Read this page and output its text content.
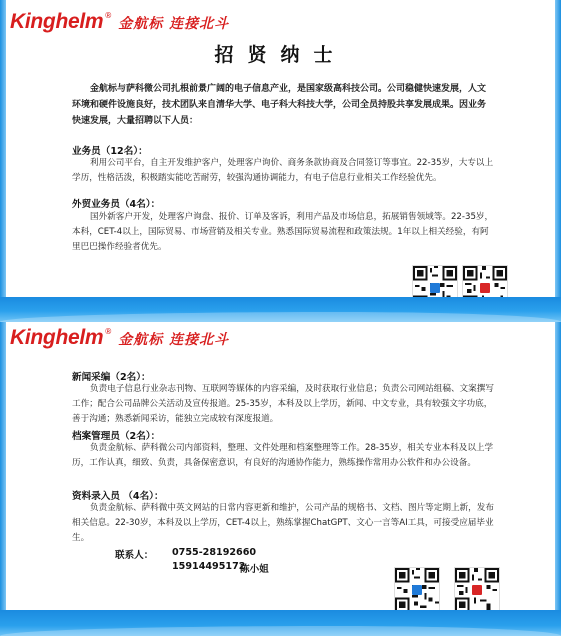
Kinghelm ®
金航标 连接北斗
招贤纳士
金航标与萨科微公司扎根前景广阔的电子信息产业，是国家级高科技公司。公司稳健快速发展，人文环境和硬件设施良好，技术团队来自清华大学、电子科大科技大学，公司全员持股共享发展成果。因业务快速发展，大量招聘以下人员：
业务员（12名）：
利用公司平台，自主开发维护客户，处理客户询价、商务条款协商及合同签订等事宜。22-35岁，大专以上学历，性格活泼，积极踏实能吃苦耐劳，较强沟通协调能力，有电子信息行业相关工作经验优先。
外贸业务员（4名）：
国外新客户开发，处理客户询盘、报价、订单及客诉，利用产品及市场信息，拓展销售领域等。22-35岁，本科，CET-4以上，国际贸易、市场营销及相关专业。熟悉国际贸易流程和政策法规。1年以上相关经验，有阿里巴巴操作经验者优先。
Kinghelm ®
金航标 连接北斗
新闻采编（2名）：
负责电子信息行业杂志刊物、互联网等媒体的内容采编，及时获取行业信息；负责公司网站组稿、文案撰写工作；配合公司品牌公关活动及宣传报道。25-35岁，本科及以上学历，新闻、中文专业，具有较强文字功底，善于沟通；熟悉新闻采访，能独立完成较有深度报道。
档案管理员（2名）：
负责金航标、萨科微公司内部资料，整理、文件处理和档案整理等工作。28-35岁，相关专业本科及以上学历，工作认真，细致、负责，具备保密意识，有良好的沟通协作能力，熟练操作常用办公软件和办公设备。
资料录入员 （4名）：
负责金航标、萨科微中英文网站的日常内容更新和维护，公司产品的规格书、文档、图片等定期上新，发布相关信息。22-30岁，本科及以上学历，CET-4以上，熟练掌握ChatGPT、文心一言等AI工具，可接受应届毕业生。
联系人： 0755-28192660
15914495172
陈小姐
